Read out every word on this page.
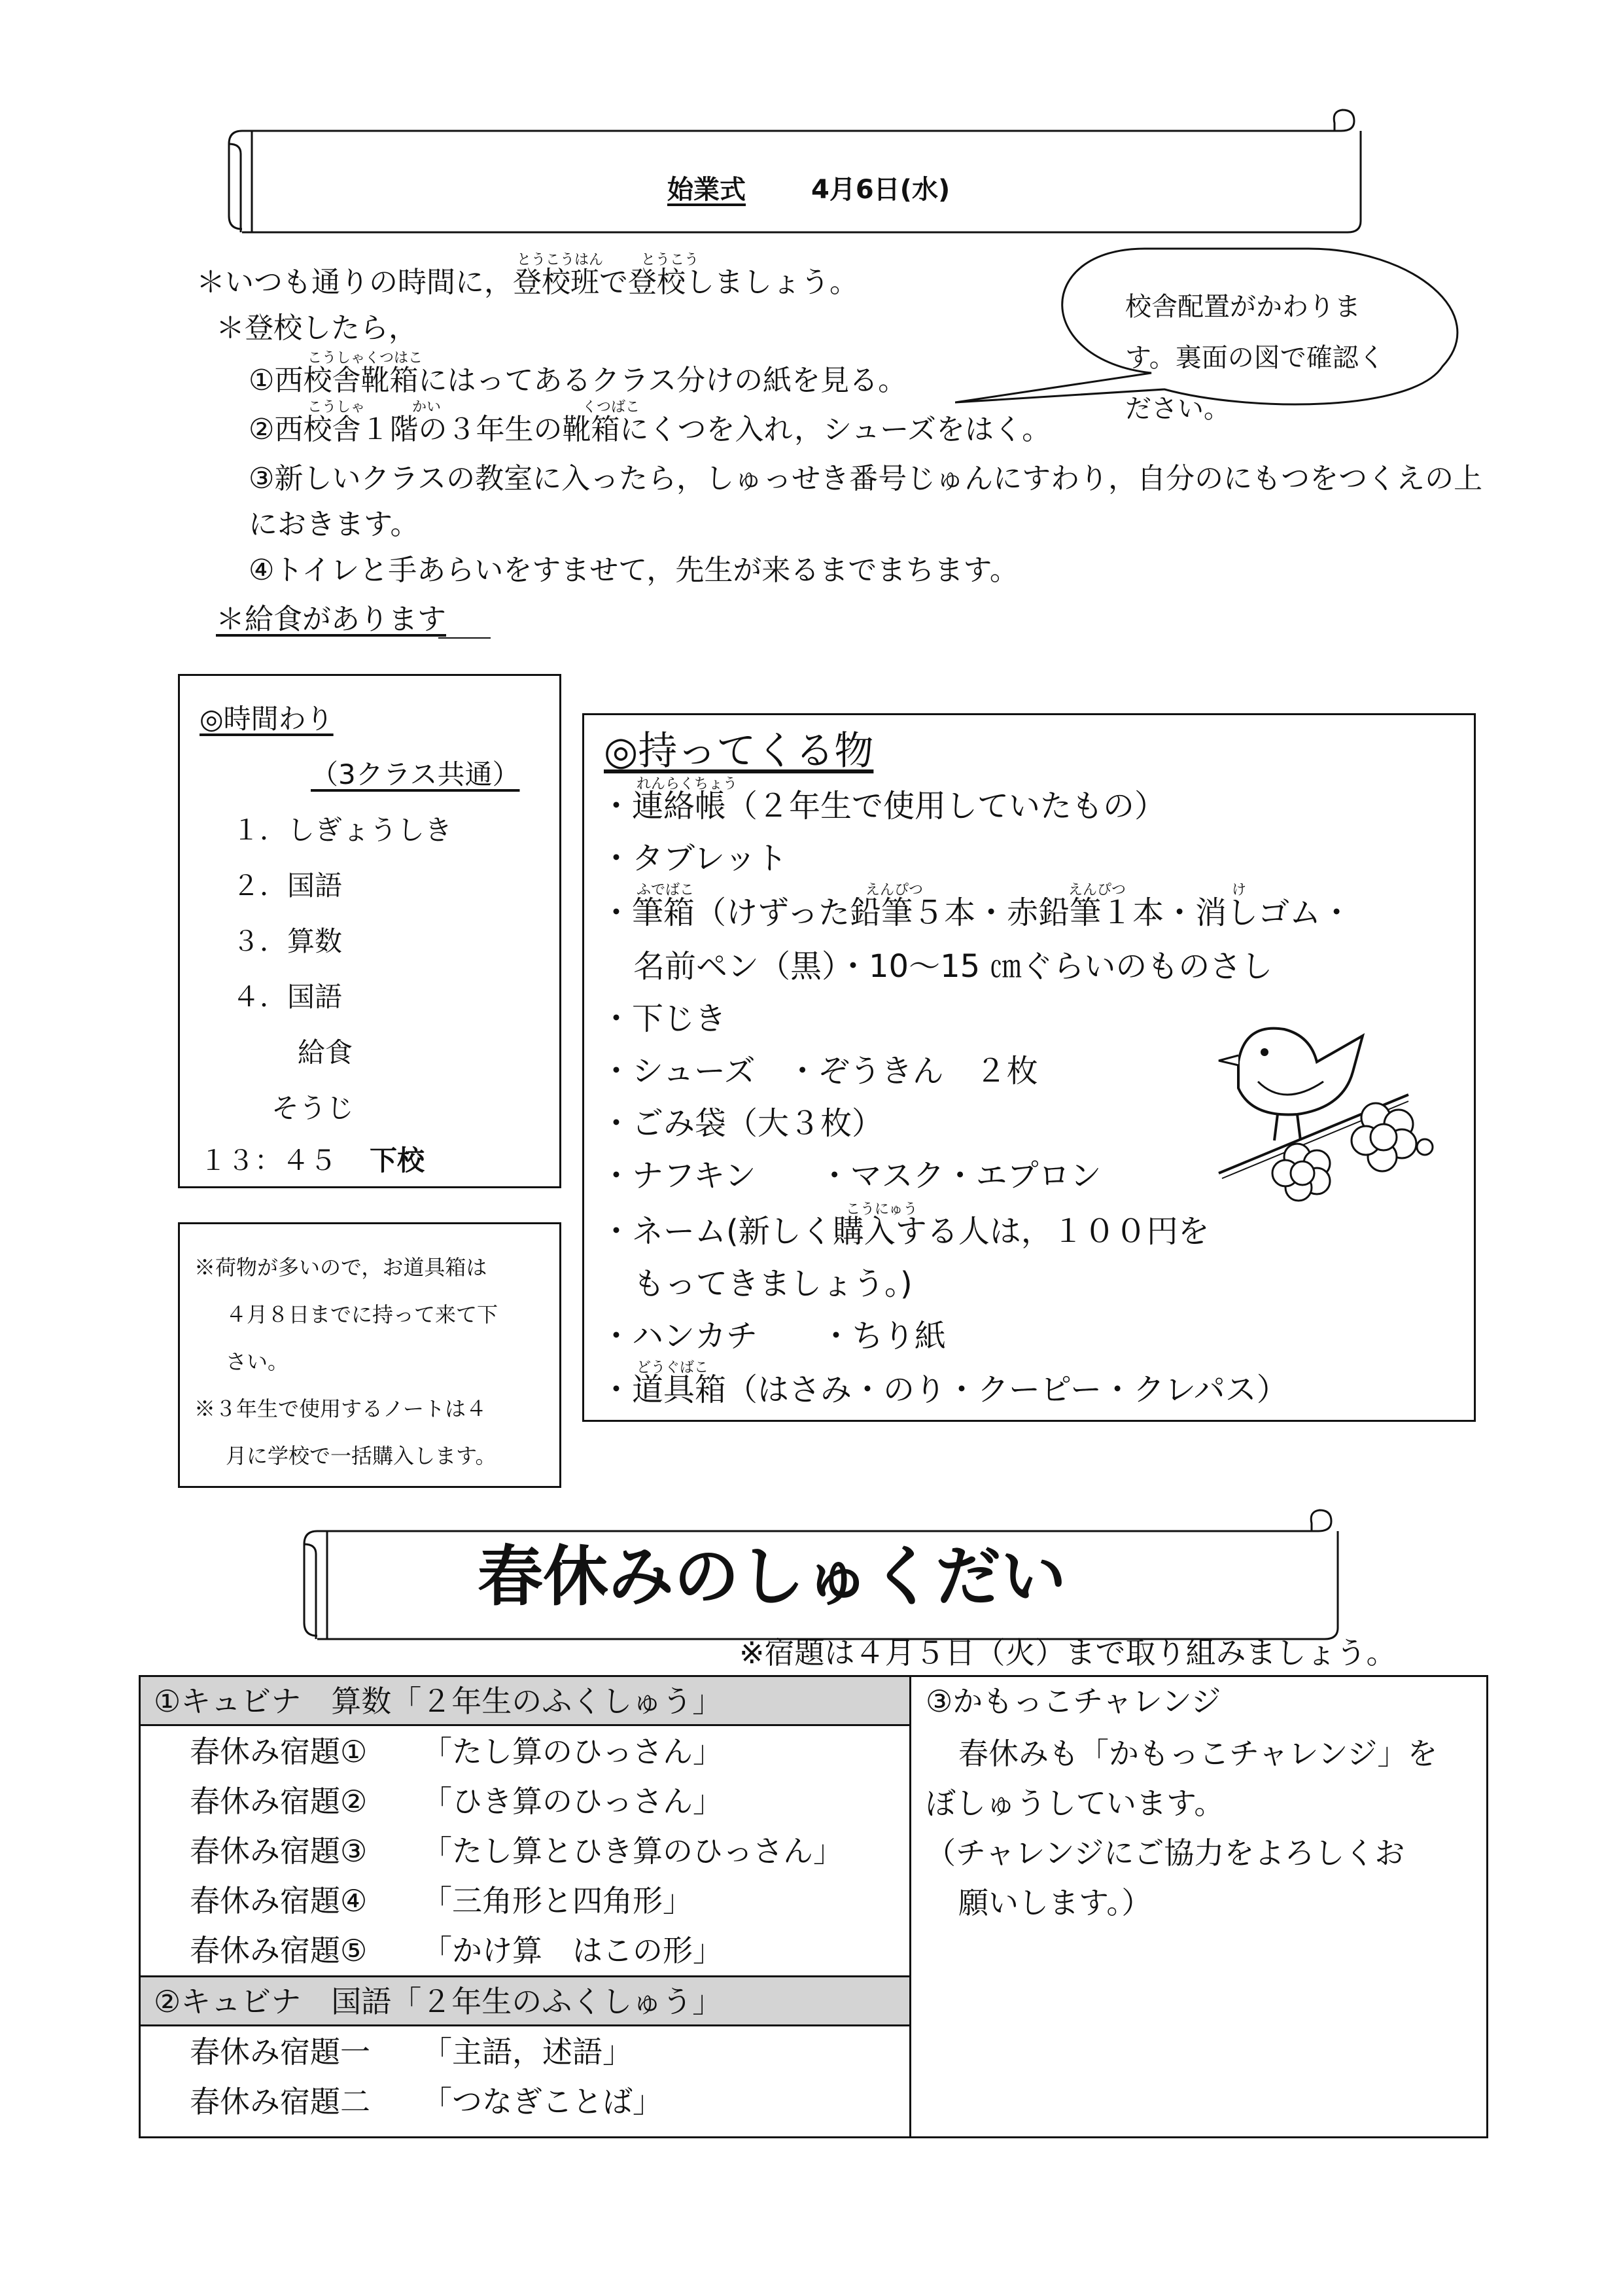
始業式	4月6日(水)
とうこうはん	とうこう
＊いつも通りの時間に，登校班で登校しましょう。
＊登校したら，
こうしゃくつはこ
①西校舎靴箱にはってあるクラス分けの紙を見る。
こうしゃ	かい	くつばこ
②西校舎１階の３年生の靴箱にくつを入れ，シューズをはく。
③新しいクラスの教室に入ったら，しゅっせき番号じゅんにすわり，自分のにもつをつくえの上
におきます。
④トイレと手あらいをすませて，先生が来るまでまちます。
＊給食があります
校舎配置がかわりま
す。裏面の図で確認く
ださい。
◎時間わり
（3クラス共通）
１．しぎょうしき
２．国語
３．算数
４．国語
給食
そうじ
１３：４５ 下校
※荷物が多いので，お道具箱は
４月８日までに持って来て下
さい。
※３年生で使用するノートは４
月に学校で一括購入します。
◎持ってくる物
れんらくちょう
・連絡帳（２年生で使用していたもの）
・タブレット
ふでばこ	えんぴつ	えんぴつ	け
・筆箱（けずった鉛筆５本・赤鉛筆１本・消しゴム・
名前ペン（黒）・10～15 ㎝ぐらいのものさし
・下じき
・シューズ　・ぞうきん　２枚
・ごみ袋（大３枚）
・ナフキン　　・マスク・エプロン
こうにゅう
・ネーム(新しく購入する人は，１００円を
もってきましょう。)
・ハンカチ　　・ちり紙
どうぐばこ
・道具箱（はさみ・のり・クーピー・クレパス）
春休みのしゅくだい
※宿題は４月５日（火）まで取り組みましょう。
①キュビナ　算数「２年生のふくしゅう」
春休み宿題① 「たし算のひっさん」
春休み宿題② 「ひき算のひっさん」
春休み宿題③ 「たし算とひき算のひっさん」
春休み宿題④ 「三角形と四角形」
春休み宿題⑤ 「かけ算　はこの形」
②キュビナ　国語「２年生のふくしゅう」
春休み宿題一 「主語，述語」
春休み宿題二 「つなぎことば」
③かもっこチャレンジ
春休みも「かもっこチャレンジ」を
ぼしゅうしています。
（チャレンジにご協力をよろしくお
願いします。）
